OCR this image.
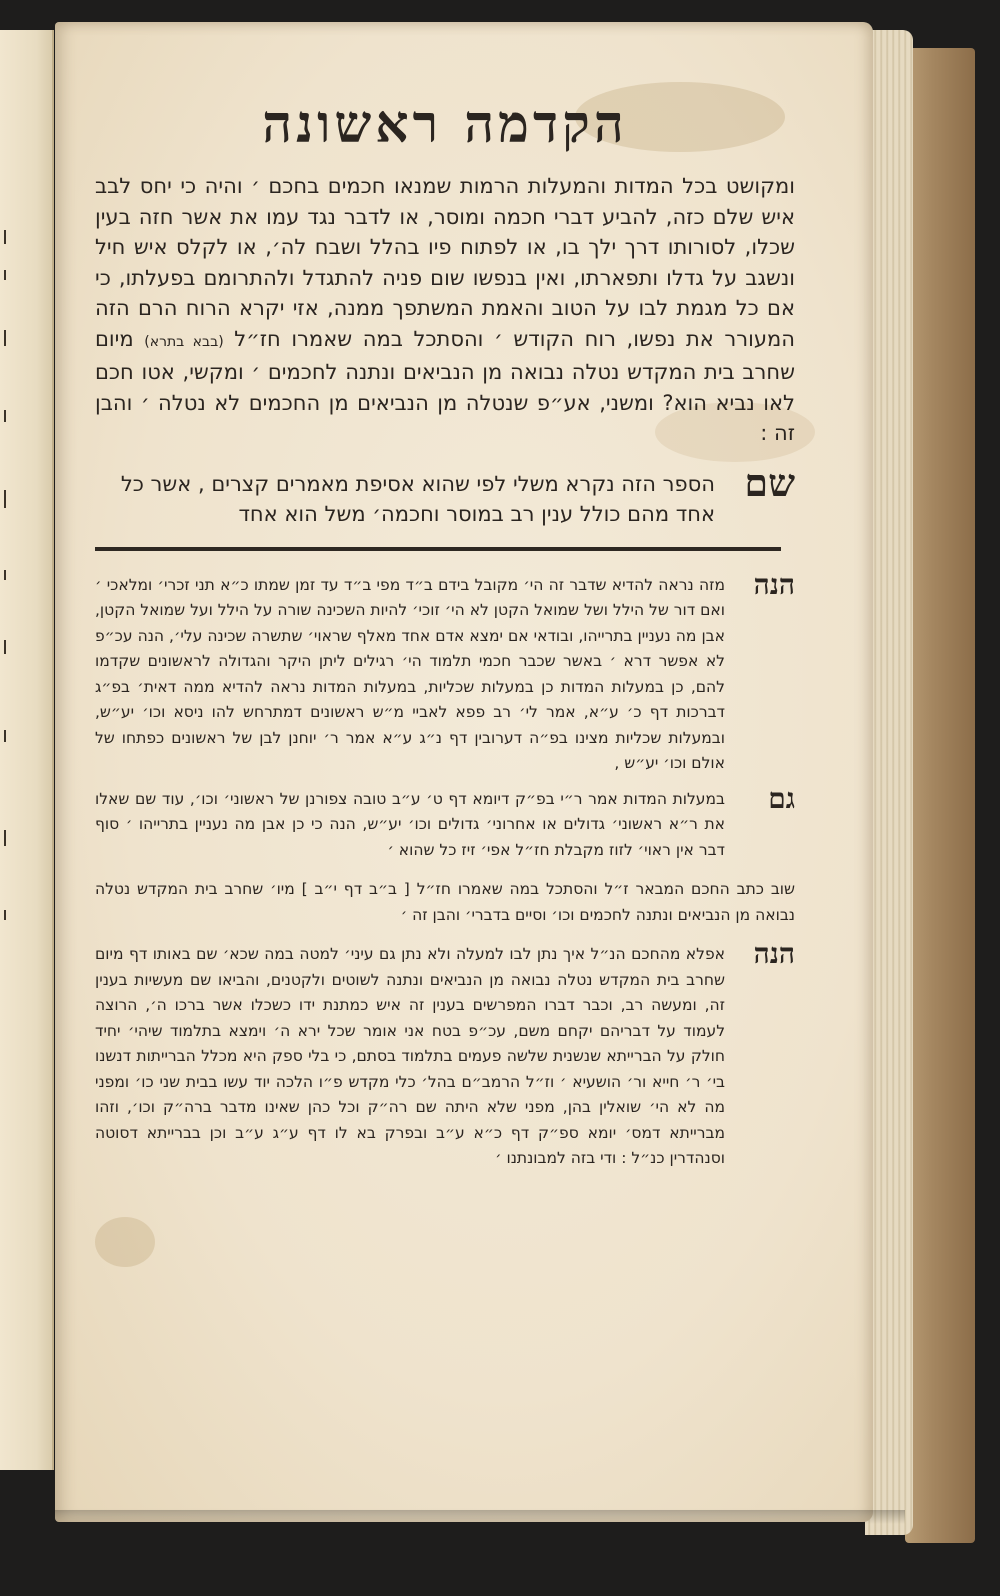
הקדמה ראשונה

ומקושט בכל המדות והמעלות הרמות שמנאו חכמים בחכם ׳ והיה כי יחס לבב איש שלם כזה, להביע דברי חכמה ומוסר, או לדבר נגד עמו את אשר חזה בעין שכלו, לסורותו דרך ילך בו, או לפתוח פיו בהלל ושבח לה׳, או לקלס איש חיל ונשגב על גדלו ותפארתו, ואין בנפשו שום פניה להתגדל ולהתרומם בפעלתו, כי אם כל מגמת לבו על הטוב והאמת המשתפך ממנה, אזי יקרא הרוח הרם הזה המעורר את נפשו, רוח הקודש ׳ והסתכל במה שאמרו חז״ל (בבא בתרא) מיום שחרב בית המקדש נטלה נבואה מן הנביאים ונתנה לחכמים ׳ ומקשי, אטו חכם לאו נביא הוא? ומשני, אע״פ שנטלה מן הנביאים מן החכמים לא נטלה ׳ והבן זה :

שם
הספר הזה נקרא משלי לפי שהוא אסיפת מאמרים קצרים , אשר כל אחד מהם כולל ענין רב במוסר וחכמה׳ משל הוא אחד

הנה
מזה נראה להדיא שדבר זה הי׳ מקובל בידם ב״ד מפי ב״ד עד זמן שמתו כ״א תני זכרי׳ ומלאכי ׳ ואם דור של הילל ושל שמואל הקטן לא הי׳ זוכי׳ להיות השכינה שורה על הילל ועל שמואל הקטן, אבן מה נעניין בתרייהו, ובודאי אם ימצא אדם אחד מאלף שראוי׳ שתשרה שכינה עלי׳, הנה עכ״פ לא אפשר דרא ׳ באשר שכבר חכמי תלמוד הי׳ רגילים ליתן היקר והגדולה לראשונים שקדמו להם, כן במעלות המדות כן במעלות שכליות, במעלות המדות נראה להדיא ממה דאית׳ בפ״ג דברכות דף כ׳ ע״א, אמר לי׳ רב פפא לאביי מ״ש ראשונים דמתרחש להו ניסא וכו׳ יע״ש, ובמעלות שכליות מצינו בפ״ה דערובין דף נ״ג ע״א אמר ר׳ יוחנן לבן של ראשונים כפתחו של אולם וכו׳ יע״ש ,

גם
במעלות המדות אמר ר״י בפ״ק דיומא דף ט׳ ע״ב טובה צפורנן של ראשוני׳ וכו׳, עוד שם שאלו את ר״א ראשוני׳ גדולים או אחרוני׳ גדולים וכו׳ יע״ש, הנה כי כן אבן מה נעניין בתרייהו ׳ סוף דבר אין ראוי׳ לזוז מקבלת חז״ל אפי׳ זיז כל שהוא ׳

שוב כתב החכם המבאר ז״ל והסתכל במה שאמרו חז״ל [ ב״ב דף י״ב ] מיו׳ שחרב בית המקדש נטלה נבואה מן הנביאים ונתנה לחכמים וכו׳ וסיים בדברי׳ והבן זה ׳

הנה
אפלא מהחכם הנ״ל איך נתן לבו למעלה ולא נתן גם עיני׳ למטה במה שכא׳ שם באותו דף מיום שחרב בית המקדש נטלה נבואה מן הנביאים ונתנה לשוטים ולקטנים, והביאו שם מעשיות בענין זה, ומעשה רב, וכבר דברו המפרשים בענין זה איש כמתנת ידו כשכלו אשר ברכו ה׳, הרוצה לעמוד על דבריהם יקחם משם, עכ״פ בטח אני אומר שכל ירא ה׳ וימצא בתלמוד שיהי׳ יחיד חולק על הברייתא שנשנית שלשה פעמים בתלמוד בסתם, כי בלי ספק היא מכלל הברייתות דנשנו בי׳ ר׳ חייא ור׳ הושעיא ׳ וז״ל הרמב״ם בהל׳ כלי מקדש פ״ו הלכה יוד עשו בבית שני כו׳ ומפני מה לא הי׳ שואלין בהן, מפני שלא היתה שם רה״ק וכל כהן שאינו מדבר ברה״ק וכו׳, וזהו מברייתא דמס׳ יומא ספ״ק דף כ״א ע״ב ובפרק בא לו דף ע״ג ע״ב וכן בברייתא דסוטה וסנהדרין כנ״ל : ודי בזה למבונתנו ׳
